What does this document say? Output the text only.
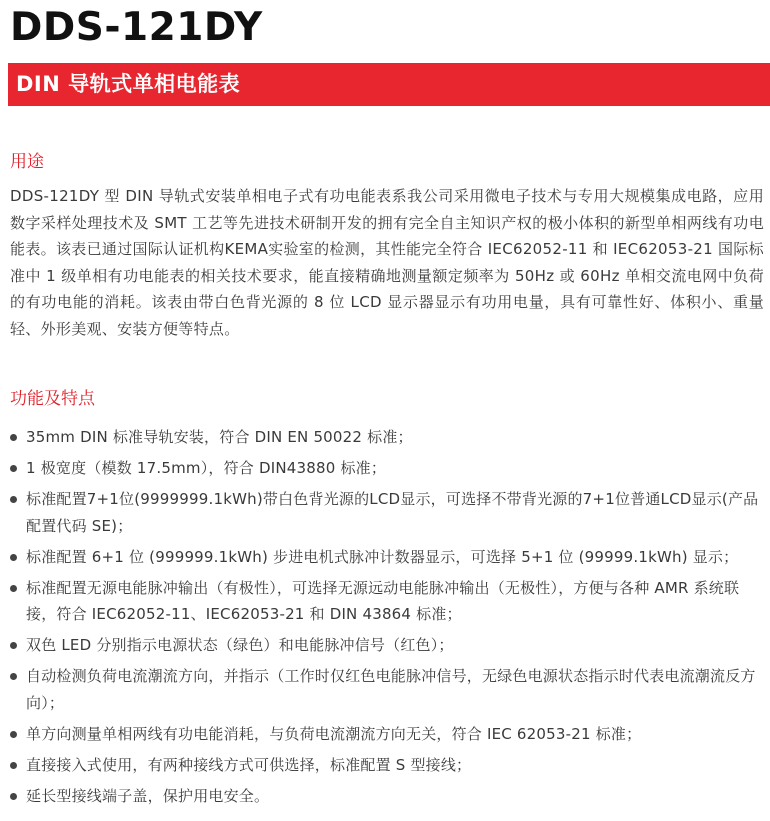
DDS-121DY
DIN 导轨式单相电能表
用途

DDS-121DY 型 DIN 导轨式安装单相电子式有功电能表系我公司采用微电子技术与专用大规模集成电路，应用数字采样处理技术及 SMT 工艺等先进技术研制开发的拥有完全自主知识产权的极小体积的新型单相两线有功电能表。该表已通过国际认证机构KEMA实验室的检测，其性能完全符合 IEC62052-11 和 IEC62053-21 国际标准中 1 级单相有功电能表的相关技术要求，能直接精确地测量额定频率为 50Hz 或 60Hz 单相交流电网中负荷的有功电能的消耗。该表由带白色背光源的 8 位 LCD 显示器显示有功用电量，具有可靠性好、体积小、重量轻、外形美观、安装方便等特点。

功能及特点
35mm DIN 标准导轨安装，符合 DIN EN 50022 标准；
1 极宽度（模数 17.5mm），符合 DIN43880 标准；
标准配置7+1位(9999999.1kWh)带白色背光源的LCD显示，可选择不带背光源的7+1位普通LCD显示(产品配置代码 SE)；
标准配置 6+1 位 (999999.1kWh) 步进电机式脉冲计数器显示，可选择 5+1 位 (99999.1kWh) 显示；
标准配置无源电能脉冲输出（有极性），可选择无源远动电能脉冲输出（无极性），方便与各种 AMR 系统联接，符合 IEC62052-11、IEC62053-21 和 DIN 43864 标准；
双色 LED 分别指示电源状态（绿色）和电能脉冲信号（红色）；
自动检测负荷电流潮流方向，并指示（工作时仅红色电能脉冲信号，无绿色电源状态指示时代表电流潮流反方向）；
单方向测量单相两线有功电能消耗，与负荷电流潮流方向无关，符合 IEC 62053-21 标准；
直接接入式使用，有两种接线方式可供选择，标准配置 S 型接线；
延长型接线端子盖，保护用电安全。
